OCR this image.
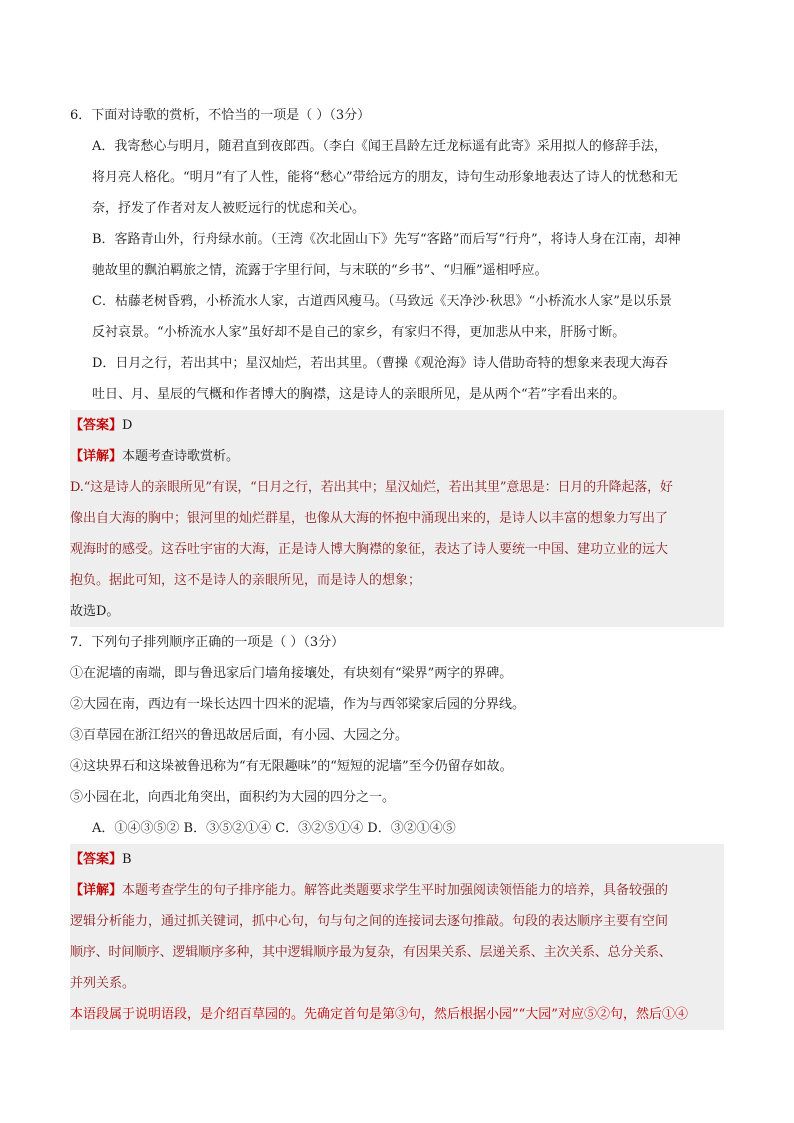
6．下面对诗歌的赏析，不恰当的一项是（ ）（3分）
A．我寄愁心与明月，随君直到夜郎西。（李白《闻王昌龄左迁龙标遥有此寄》采用拟人的修辞手法，
将月亮人格化。“明月”有了人性，能将“愁心”带给远方的朋友，诗句生动形象地表达了诗人的忧愁和无
奈，抒发了作者对友人被贬远行的忧虑和关心。
B．客路青山外，行舟绿水前。（王湾《次北固山下》先写“客路”而后写“行舟”，将诗人身在江南，却神
驰故里的飘泊羁旅之情，流露于字里行间，与末联的“乡书”、“归雁”遥相呼应。
C．枯藤老树昏鸦，小桥流水人家，古道西风瘦马。（马致远《天净沙·秋思》“小桥流水人家”是以乐景
反衬哀景。“小桥流水人家”虽好却不是自己的家乡，有家归不得，更加悲从中来，肝肠寸断。
D．日月之行，若出其中；星汉灿烂，若出其里。（曹操《观沧海》诗人借助奇特的想象来表现大海吞
吐日、月、星辰的气概和作者博大的胸襟，这是诗人的亲眼所见，是从两个“若”字看出来的。
【答案】D
【详解】本题考查诗歌赏析。
D.“这是诗人的亲眼所见”有误，“日月之行，若出其中；星汉灿烂，若出其里”意思是：日月的升降起落，好
像出自大海的胸中；银河里的灿烂群星，也像从大海的怀抱中涌现出来的，是诗人以丰富的想象力写出了
观海时的感受。这吞吐宇宙的大海，正是诗人博大胸襟的象征，表达了诗人要统一中国、建功立业的远大
抱负。据此可知，这不是诗人的亲眼所见，而是诗人的想象；
故选D。
7．下列句子排列顺序正确的一项是（ ）（3分）
①在泥墙的南端，即与鲁迅家后门墙角接壤处，有块刻有“梁界”两字的界碑。
②大园在南，西边有一垛长达四十四米的泥墙，作为与西邻梁家后园的分界线。
③百草园在浙江绍兴的鲁迅故居后面，有小园、大园之分。
④这块界石和这垛被鲁迅称为“有无限趣味”的“短短的泥墙”至今仍留存如故。
⑤小园在北，向西北角突出，面积约为大园的四分之一。
A．①④③⑤② B．③⑤②①④ C．③②⑤①④ D．③②①④⑤
【答案】B
【详解】本题考查学生的句子排序能力。解答此类题要求学生平时加强阅读领悟能力的培养，具备较强的
逻辑分析能力，通过抓关键词，抓中心句，句与句之间的连接词去逐句推敲。句段的表达顺序主要有空间
顺序、时间顺序、逻辑顺序多种，其中逻辑顺序最为复杂，有因果关系、层递关系、主次关系、总分关系、
并列关系。
本语段属于说明语段，是介绍百草园的。先确定首句是第③句，然后根据小园”“大园”对应⑤②句，然后①④
